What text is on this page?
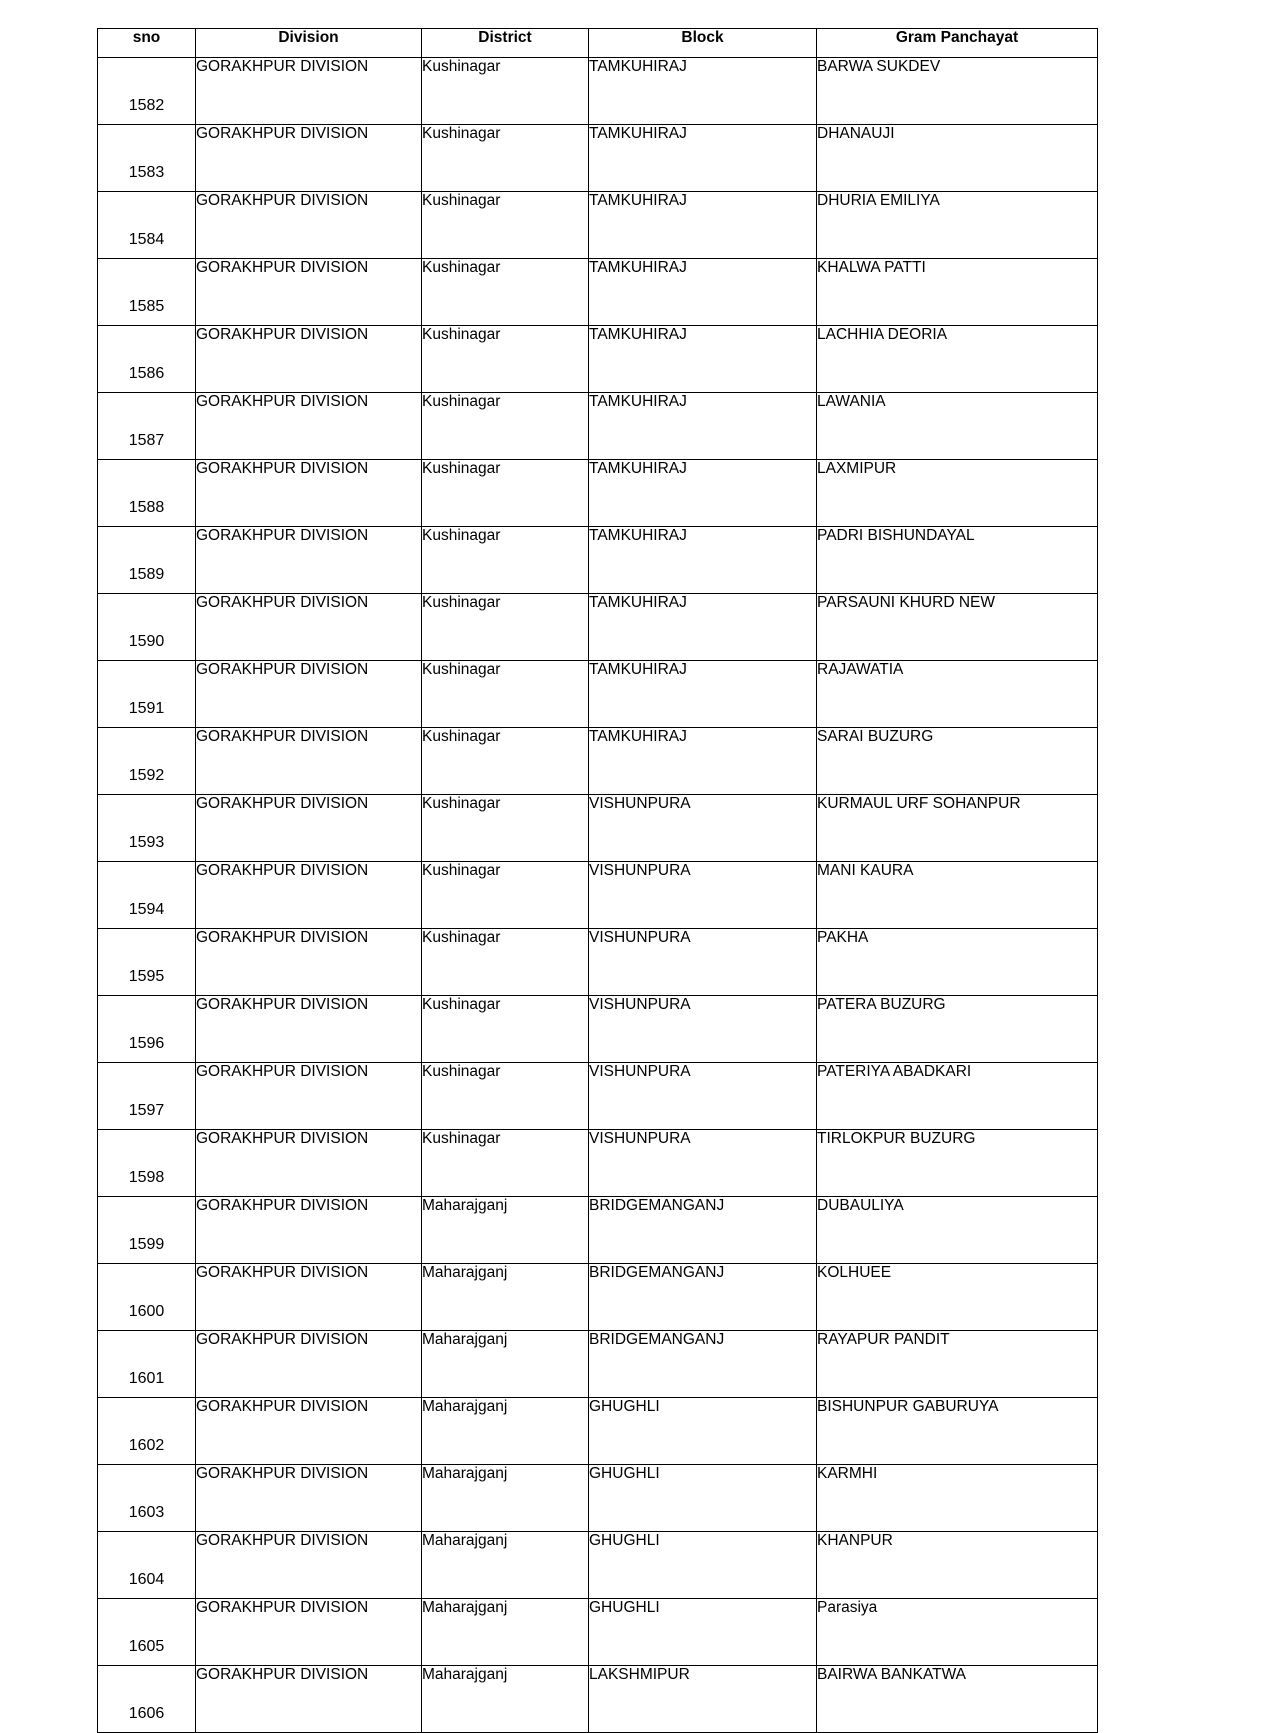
sno	Division	District	Block	Gram Panchayat
1582	GORAKHPUR DIVISION	Kushinagar	TAMKUHIRAJ	BARWA SUKDEV
1583	GORAKHPUR DIVISION	Kushinagar	TAMKUHIRAJ	DHANAUJI
1584	GORAKHPUR DIVISION	Kushinagar	TAMKUHIRAJ	DHURIA EMILIYA
1585	GORAKHPUR DIVISION	Kushinagar	TAMKUHIRAJ	KHALWA PATTI
1586	GORAKHPUR DIVISION	Kushinagar	TAMKUHIRAJ	LACHHIA DEORIA
1587	GORAKHPUR DIVISION	Kushinagar	TAMKUHIRAJ	LAWANIA
1588	GORAKHPUR DIVISION	Kushinagar	TAMKUHIRAJ	LAXMIPUR
1589	GORAKHPUR DIVISION	Kushinagar	TAMKUHIRAJ	PADRI BISHUNDAYAL
1590	GORAKHPUR DIVISION	Kushinagar	TAMKUHIRAJ	PARSAUNI KHURD NEW
1591	GORAKHPUR DIVISION	Kushinagar	TAMKUHIRAJ	RAJAWATIA
1592	GORAKHPUR DIVISION	Kushinagar	TAMKUHIRAJ	SARAI BUZURG
1593	GORAKHPUR DIVISION	Kushinagar	VISHUNPURA	KURMAUL URF SOHANPUR
1594	GORAKHPUR DIVISION	Kushinagar	VISHUNPURA	MANI KAURA
1595	GORAKHPUR DIVISION	Kushinagar	VISHUNPURA	PAKHA
1596	GORAKHPUR DIVISION	Kushinagar	VISHUNPURA	PATERA BUZURG
1597	GORAKHPUR DIVISION	Kushinagar	VISHUNPURA	PATERIYA ABADKARI
1598	GORAKHPUR DIVISION	Kushinagar	VISHUNPURA	TIRLOKPUR BUZURG
1599	GORAKHPUR DIVISION	Maharajganj	BRIDGEMANGANJ	DUBAULIYA
1600	GORAKHPUR DIVISION	Maharajganj	BRIDGEMANGANJ	KOLHUEE
1601	GORAKHPUR DIVISION	Maharajganj	BRIDGEMANGANJ	RAYAPUR PANDIT
1602	GORAKHPUR DIVISION	Maharajganj	GHUGHLI	BISHUNPUR GABURUYA
1603	GORAKHPUR DIVISION	Maharajganj	GHUGHLI	KARMHI
1604	GORAKHPUR DIVISION	Maharajganj	GHUGHLI	KHANPUR
1605	GORAKHPUR DIVISION	Maharajganj	GHUGHLI	Parasiya
1606	GORAKHPUR DIVISION	Maharajganj	LAKSHMIPUR	BAIRWA BANKATWA
